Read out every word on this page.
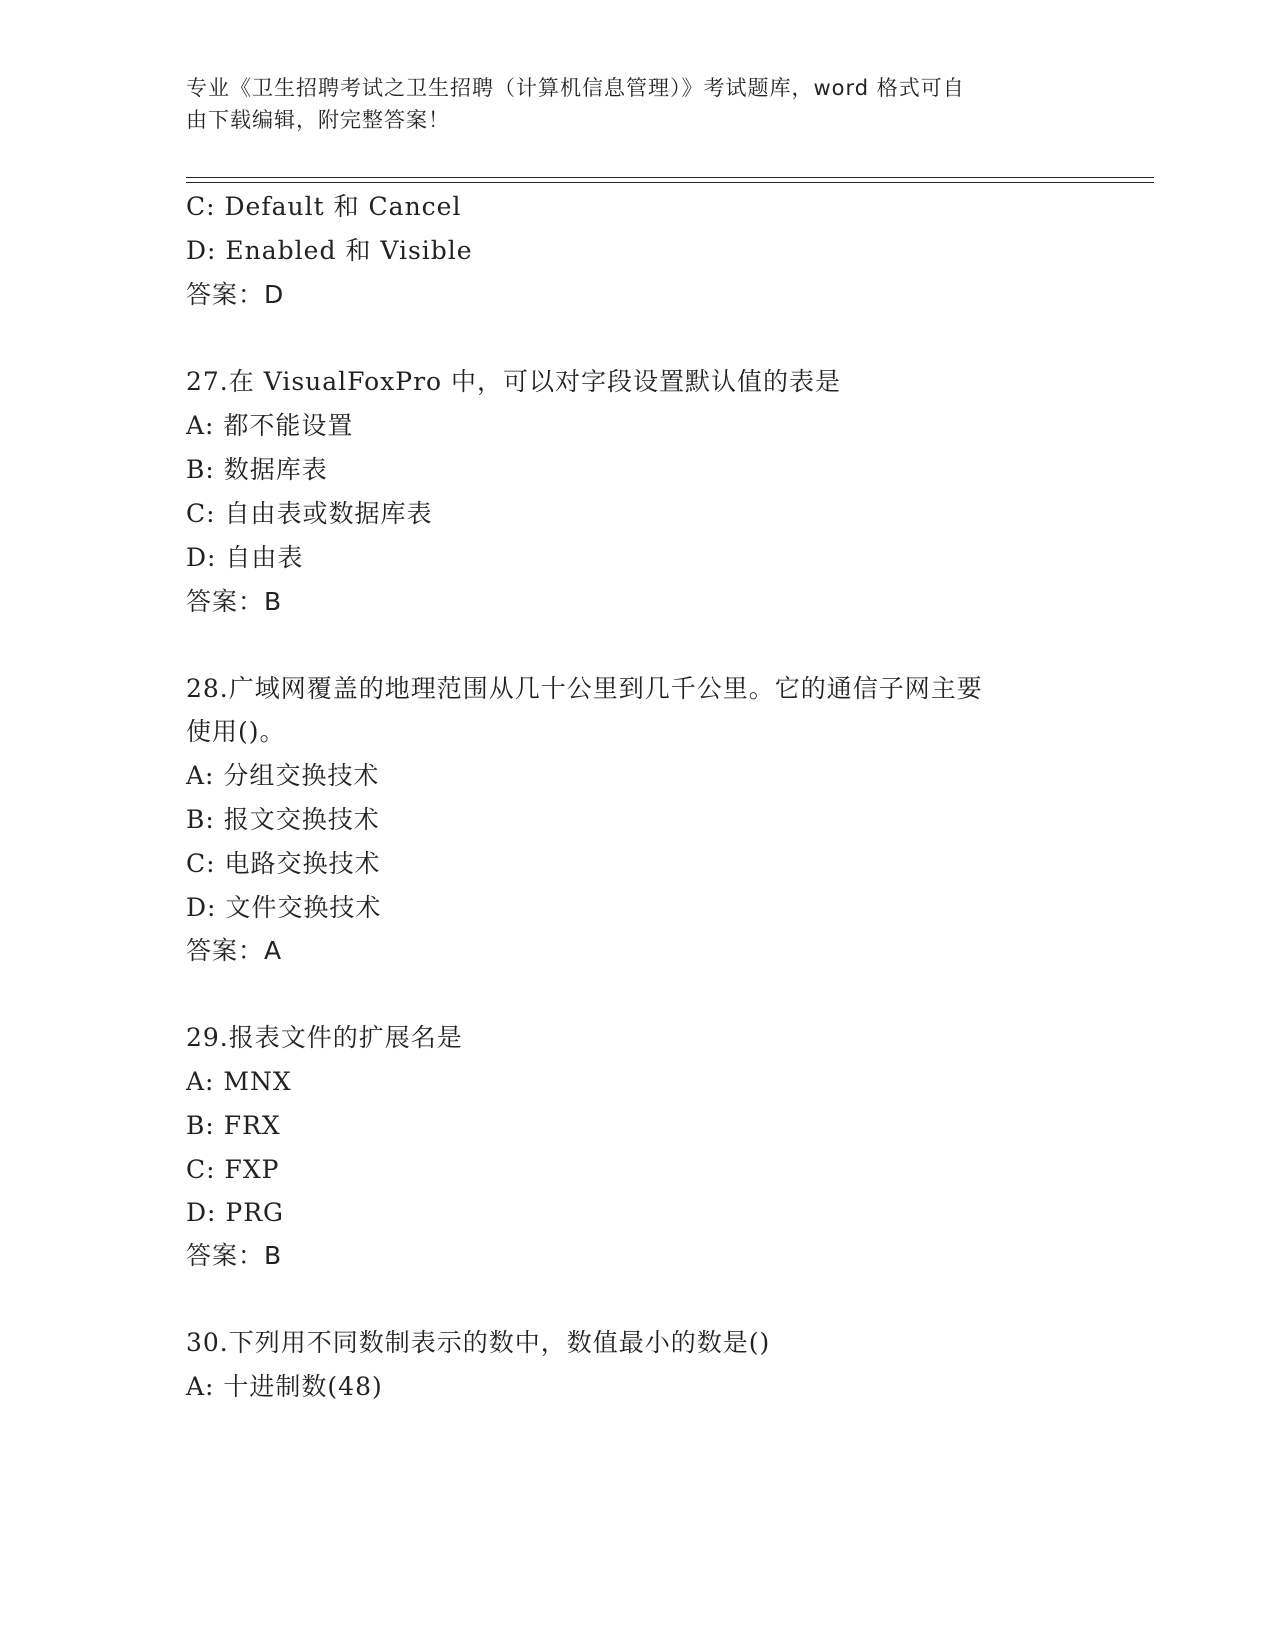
专业《卫生招聘考试之卫生招聘（计算机信息管理）》考试题库，word 格式可自
由下载编辑，附完整答案！
C: Default 和 Cancel
D: Enabled 和 Visible
答案：D
27.在 VisualFoxPro 中，可以对字段设置默认值的表是
A: 都不能设置
B: 数据库表
C: 自由表或数据库表
D: 自由表
答案：B
28.广域网覆盖的地理范围从几十公里到几千公里。它的通信子网主要
使用()。
A: 分组交换技术
B: 报文交换技术
C: 电路交换技术
D: 文件交换技术
答案：A
29.报表文件的扩展名是
A: MNX
B: FRX
C: FXP
D: PRG
答案：B
30.下列用不同数制表示的数中，数值最小的数是()
A: 十进制数(48)
